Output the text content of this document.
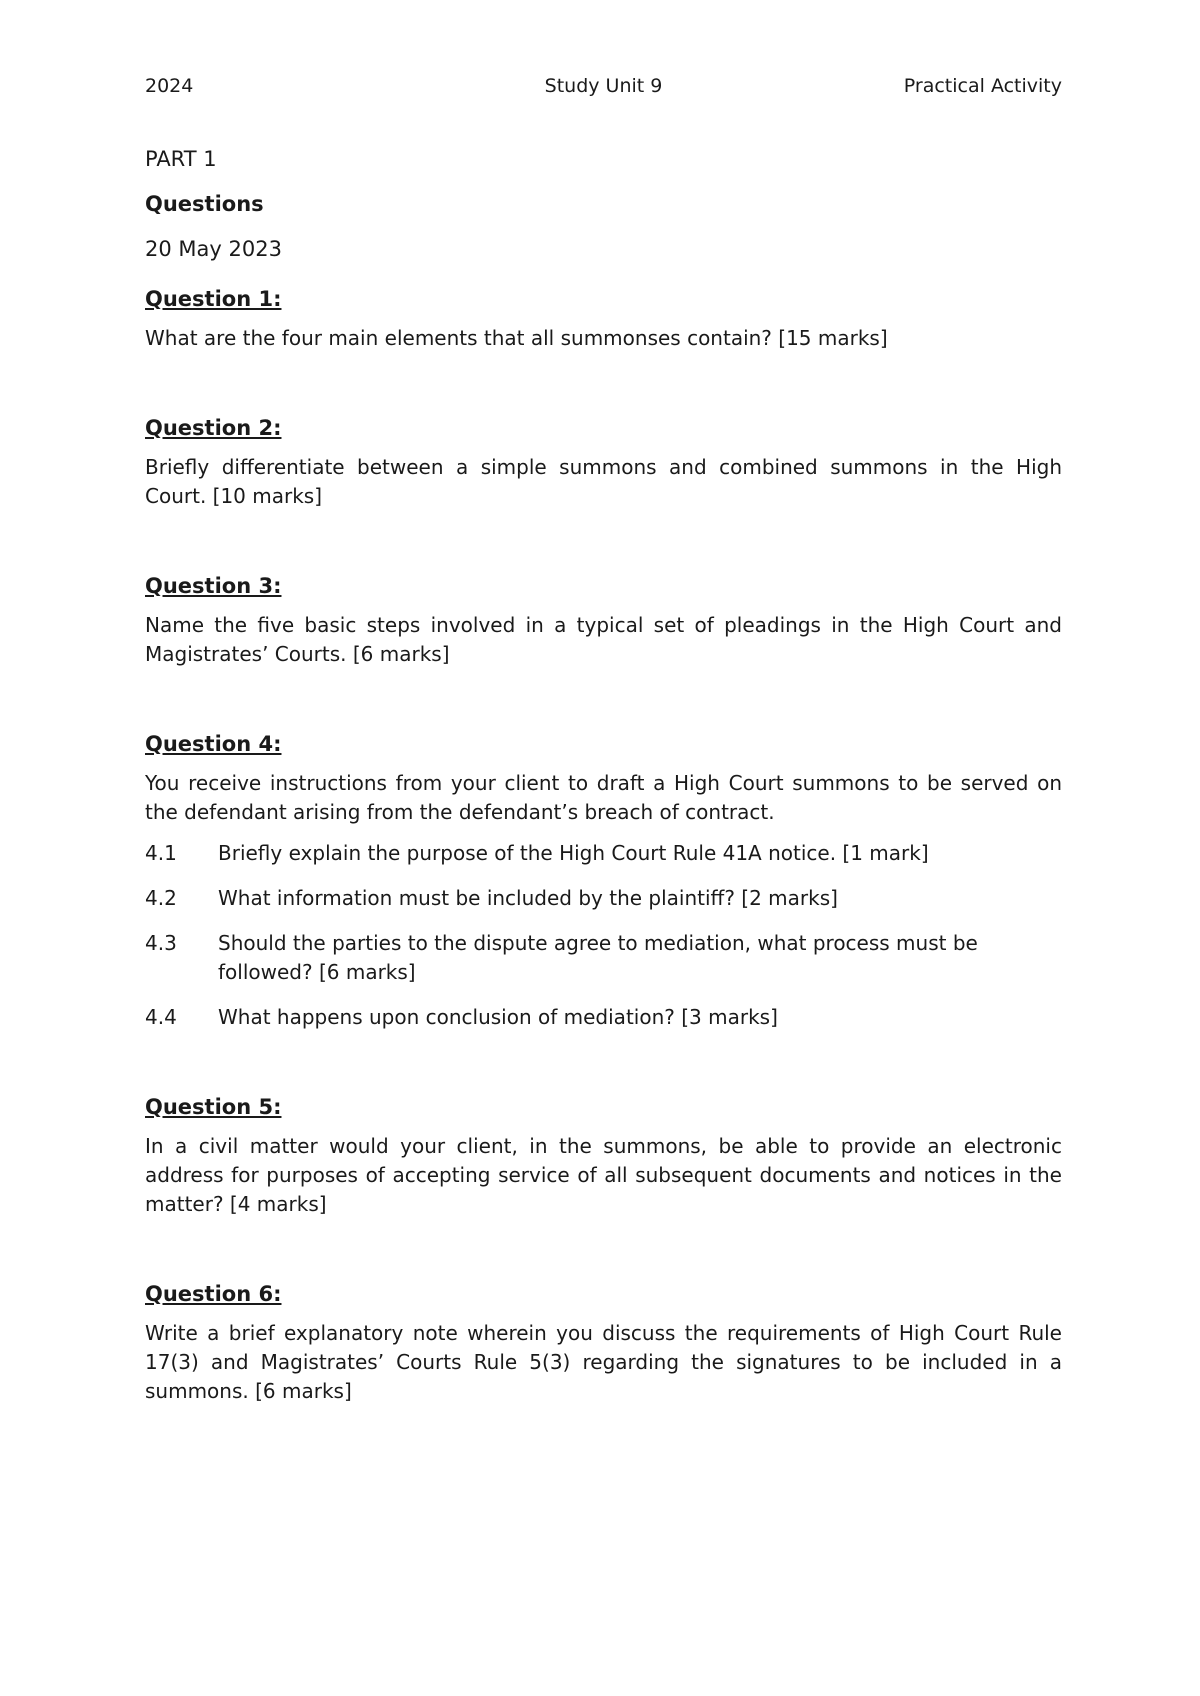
2024	Study Unit 9	Practical Activity
PART 1
Questions
20 May 2023
Question 1:

What are the four main elements that all summonses contain? [15 marks]

Question 2:

Briefly differentiate between a simple summons and combined summons in the High Court. [10 marks]

Question 3:

Name the five basic steps involved in a typical set of pleadings in the High Court and Magistrates’ Courts. [6 marks]

Question 4:

You receive instructions from your client to draft a High Court summons to be served on the defendant arising from the defendant’s breach of contract.

4.1	Briefly explain the purpose of the High Court Rule 41A notice. [1 mark]
4.2	What information must be included by the plaintiff? [2 marks]
4.3	Should the parties to the dispute agree to mediation, what process must be followed? [6 marks]
4.4	What happens upon conclusion of mediation? [3 marks]
Question 5:

In a civil matter would your client, in the summons, be able to provide an electronic address for purposes of accepting service of all subsequent documents and notices in the matter? [4 marks]

Question 6:

Write a brief explanatory note wherein you discuss the requirements of High Court Rule 17(3) and Magistrates’ Courts Rule 5(3) regarding the signatures to be included in a summons. [6 marks]
